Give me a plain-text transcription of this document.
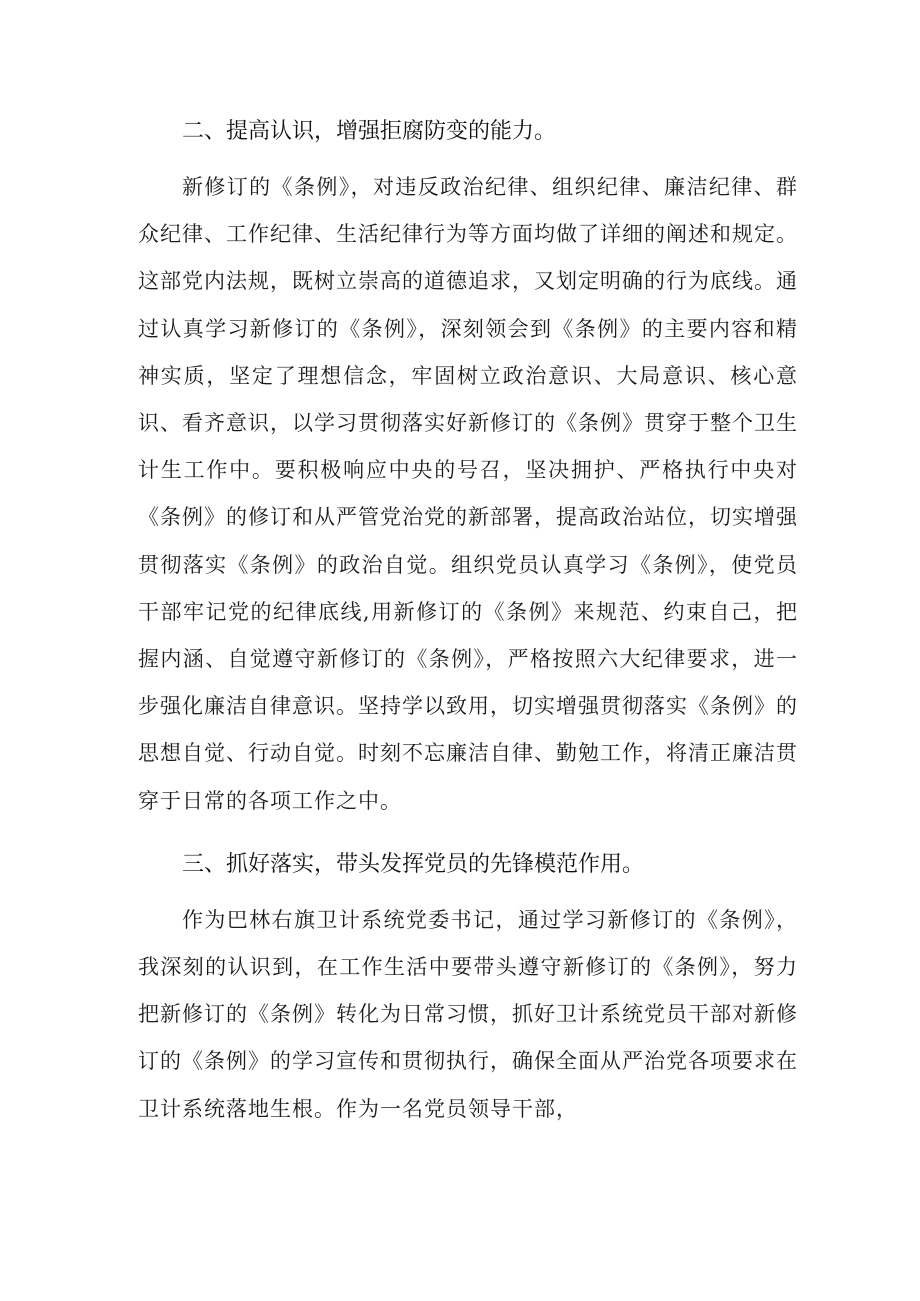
二、提高认识，增强拒腐防变的能力。

新修订的《条例》，对违反政治纪律、组织纪律、廉洁纪律、群众纪律、工作纪律、生活纪律行为等方面均做了详细的阐述和规定。这部党内法规，既树立崇高的道德追求，又划定明确的行为底线。通过认真学习新修订的《条例》，深刻领会到《条例》的主要内容和精神实质，坚定了理想信念，牢固树立政治意识、大局意识、核心意识、看齐意识，以学习贯彻落实好新修订的《条例》贯穿于整个卫生计生工作中。要积极响应中央的号召，坚决拥护、严格执行中央对《条例》的修订和从严管党治党的新部署，提高政治站位，切实增强贯彻落实《条例》的政治自觉。组织党员认真学习《条例》，使党员干部牢记党的纪律底线,用新修订的《条例》来规范、约束自己，把握内涵、自觉遵守新修订的《条例》，严格按照六大纪律要求，进一步强化廉洁自律意识。坚持学以致用，切实增强贯彻落实《条例》的思想自觉、行动自觉。时刻不忘廉洁自律、勤勉工作，将清正廉洁贯穿于日常的各项工作之中。

三、抓好落实，带头发挥党员的先锋模范作用。

作为巴林右旗卫计系统党委书记，通过学习新修订的《条例》，我深刻的认识到，在工作生活中要带头遵守新修订的《条例》，努力把新修订的《条例》转化为日常习惯，抓好卫计系统党员干部对新修订的《条例》的学习宣传和贯彻执行，确保全面从严治党各项要求在卫计系统落地生根。作为一名党员领导干部，
